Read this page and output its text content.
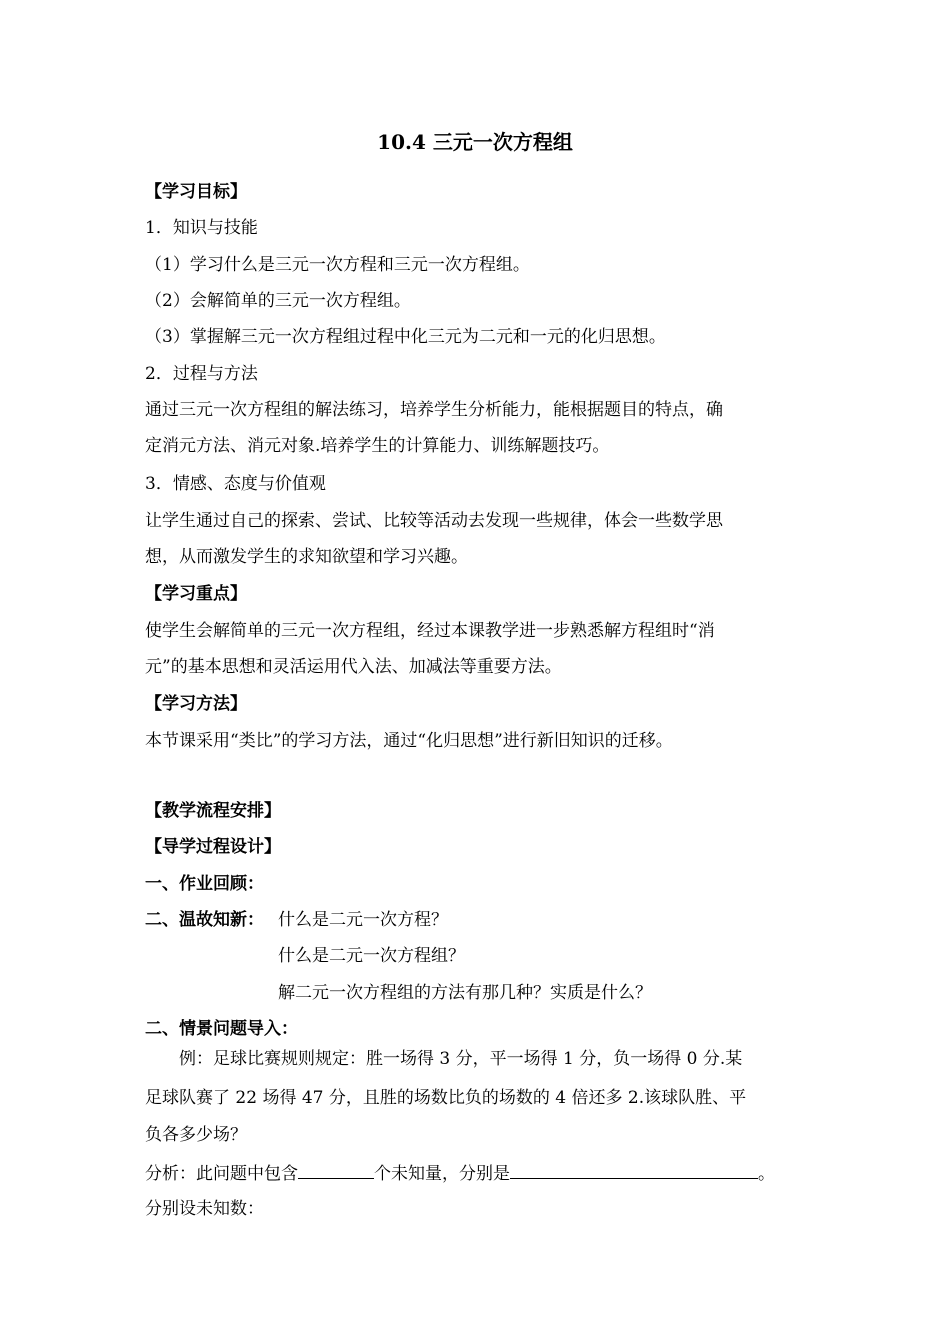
10.4 三元一次方程组
【学习目标】
1．知识与技能
（1）学习什么是三元一次方程和三元一次方程组。
（2）会解简单的三元一次方程组。
（3）掌握解三元一次方程组过程中化三元为二元和一元的化归思想。
2．过程与方法
通过三元一次方程组的解法练习，培养学生分析能力，能根据题目的特点，确
定消元方法、消元对象.培养学生的计算能力、训练解题技巧。
3．情感、态度与价值观
让学生通过自己的探索、尝试、比较等活动去发现一些规律，体会一些数学思
想，从而激发学生的求知欲望和学习兴趣。
【学习重点】
使学生会解简单的三元一次方程组，经过本课教学进一步熟悉解方程组时“消
元”的基本思想和灵活运用代入法、加减法等重要方法。
【学习方法】
本节课采用“类比”的学习方法，通过“化归思想”进行新旧知识的迁移。
【教学流程安排】
【导学过程设计】
一、作业回顾：
二、温故知新： 什么是二元一次方程？
什么是二元一次方程组？
解二元一次方程组的方法有那几种？实质是什么？
二、情景问题导入：
例：足球比赛规则规定：胜一场得 3 分，平一场得 1 分，负一场得 0 分.某
足球队赛了 22 场得 47 分，且胜的场数比负的场数的 4 倍还多 2.该球队胜、平
负各多少场？
分析：此问题中包含	个未知量，分别是	。
分别设未知数：
